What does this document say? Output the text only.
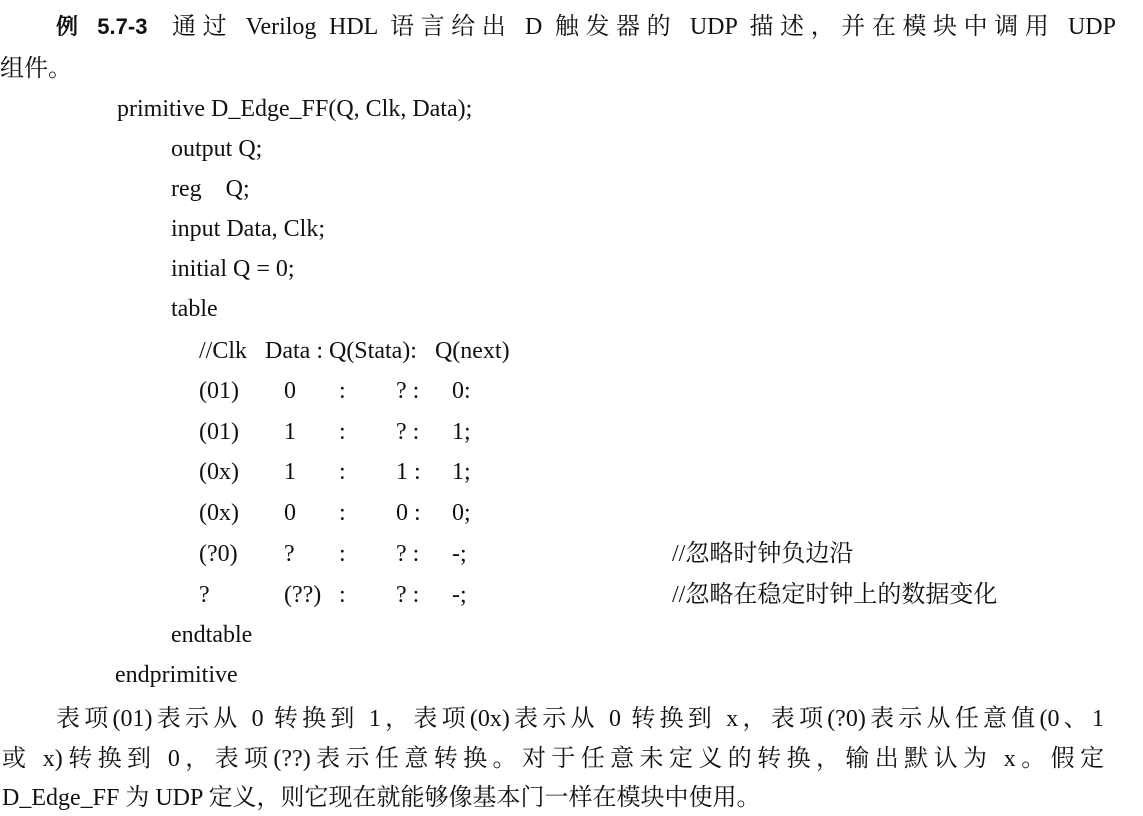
例 5.7-3 通过 Verilog HDL 语言给出 D 触发器的 UDP 描述，并在模块中调用 UDP
组件。
primitive D_Edge_FF(Q, Clk, Data);
output Q;
reg    Q;
input Data, Clk;
initial Q = 0;
table
//Clk   Data : Q(Stata):   Q(next)
(01) 0 : ? : 0:
(01) 1 : ? : 1;
(0x) 1 : 1 : 1;
(0x) 0 : 0 : 0;
(?0) ? : ? : -;	//忽略时钟负边沿
?	(??) : ? : -;	//忽略在稳定时钟上的数据变化
endtable
endprimitive
表项(01)表示从 0 转换到 1，表项(0x)表示从 0 转换到 x，表项(?0)表示从任意值(0、1
或 x)转换到 0，表项(??)表示任意转换。对于任意未定义的转换，输出默认为 x。假定
D_Edge_FF 为 UDP 定义，则它现在就能够像基本门一样在模块中使用。
